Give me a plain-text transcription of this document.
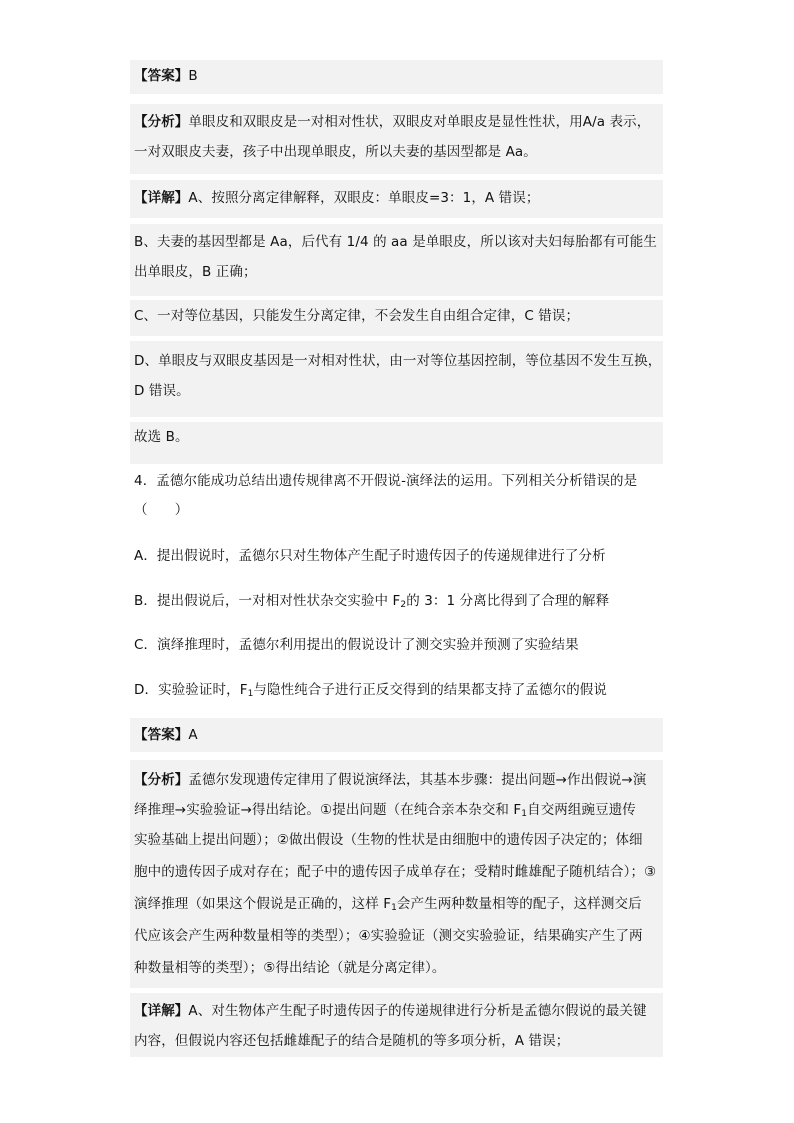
【答案】B
【分析】单眼皮和双眼皮是一对相对性状，双眼皮对单眼皮是显性性状，用A/a 表示，
一对双眼皮夫妻，孩子中出现单眼皮，所以夫妻的基因型都是 Aa。
【详解】A、按照分离定律解释，双眼皮：单眼皮=3：1，A 错误；
B、夫妻的基因型都是 Aa，后代有 1/4 的 aa 是单眼皮，所以该对夫妇每胎都有可能生
出单眼皮，B 正确；
C、一对等位基因，只能发生分离定律，不会发生自由组合定律，C 错误；
D、单眼皮与双眼皮基因是一对相对性状，由一对等位基因控制，等位基因不发生互换，
D 错误。
故选 B。
4．孟德尔能成功总结出遗传规律离不开假说-演绎法的运用。下列相关分析错误的是
（　　）
A．提出假说时，孟德尔只对生物体产生配子时遗传因子的传递规律进行了分析
B．提出假说后，一对相对性状杂交实验中 $F_2$的 3：1 分离比得到了合理的解释
C．演绎推理时，孟德尔利用提出的假说设计了测交实验并预测了实验结果
D．实验验证时，$F_1$与隐性纯合子进行正反交得到的结果都支持了孟德尔的假说
【答案】A
【分析】孟德尔发现遗传定律用了假说演绎法，其基本步骤：提出问题→作出假说→演
绎推理→实验验证→得出结论。①提出问题（在纯合亲本杂交和 $F_1$自交两组豌豆遗传
实验基础上提出问题）；②做出假设（生物的性状是由细胞中的遗传因子决定的；体细
胞中的遗传因子成对存在；配子中的遗传因子成单存在；受精时雌雄配子随机结合）；③
演绎推理（如果这个假说是正确的，这样 $F_1$会产生两种数量相等的配子，这样测交后
代应该会产生两种数量相等的类型）；④实验验证（测交实验验证，结果确实产生了两
种数量相等的类型）；⑤得出结论（就是分离定律）。
【详解】A、对生物体产生配子时遗传因子的传递规律进行分析是孟德尔假说的最关键
内容，但假说内容还包括雌雄配子的结合是随机的等多项分析，A 错误；
